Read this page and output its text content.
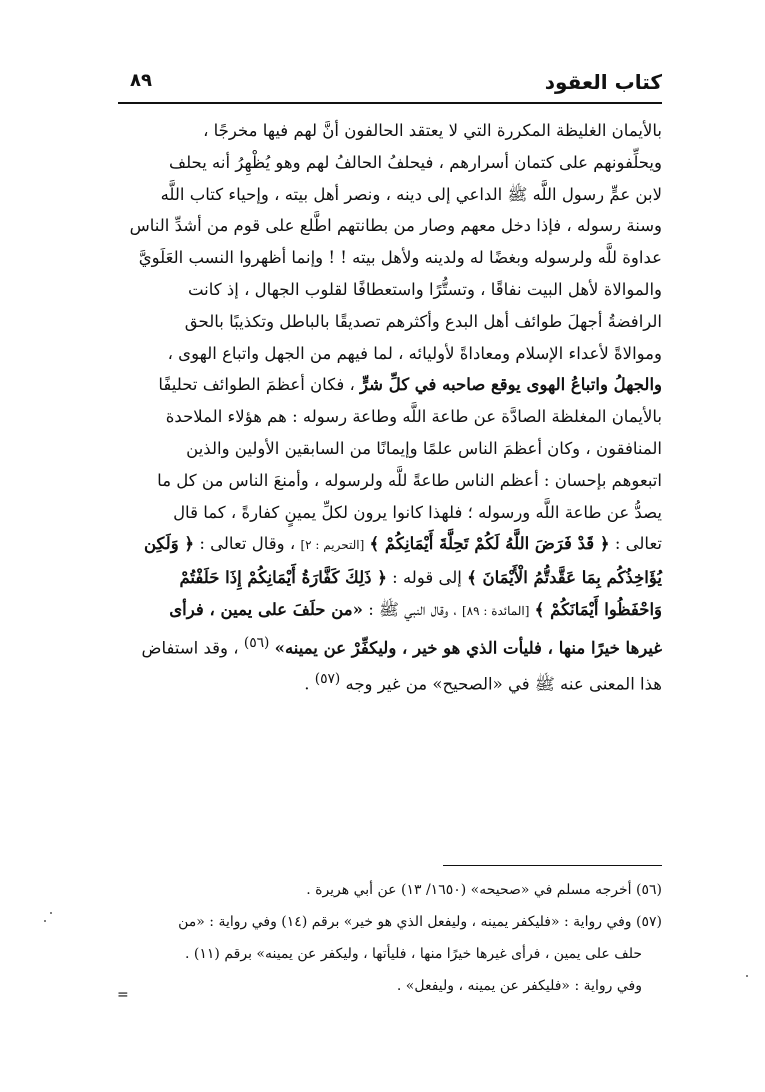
كتاب العقود
٨٩

بالأيمان الغليظة المكررة التي لا يعتقد الحالفون أنَّ لهم فيها مخرجًا ،

ويحلِّفونهم على كتمان أسرارهم ، فيحلفُ الحالفُ لهم وهو يُظْهِرُ أنه يحلف

لابن عمٍّ رسول اللَّه ﷺ الداعي إلى دينه ، ونصر أهل بيته ، وإحياء كتاب اللَّه

وسنة رسوله ، فإذا دخل معهم وصار من بطانتهم اطَّلع على قوم من أشدِّ الناس

عداوة للَّه ولرسوله وبغضًا له ولدينه ولأهل بيته ! ! وإنما أظهروا النسب العَلَويَّ

والموالاة لأهل البيت نفاقًا ، وتستُّرًا واستعطافًا لقلوب الجهال ، إذ كانت

الرافضةُ أجهلَ طوائف أهل البدع وأكثرهم تصديقًا بالباطل وتكذيبًا بالحق

وموالاةً لأعداء الإسلام ومعاداةً لأوليائه ، لما فيهم من الجهل واتباع الهوى ،

والجهلُ واتباعُ الهوى يوقع صاحبه في كلِّ شرٍّ ، فكان أعظمَ الطوائف تحليفًا

بالأيمان المغلظة الصادَّة عن طاعة اللَّه وطاعة رسوله : هم هؤلاء الملاحدة

المنافقون ، وكان أعظمَ الناس علمًا وإيمانًا من السابقين الأولين والذين

اتبعوهم بإحسان : أعظم الناس طاعةً للَّه ولرسوله ، وأمنعَ الناس من كل ما

يصدُّ عن طاعة اللَّه ورسوله ؛ فلهذا كانوا يرون لكلِّ يمينٍ كفارةً ، كما قال

تعالى : ﴿ قَدْ فَرَضَ اللَّهُ لَكُمْ تَحِلَّةَ أَيْمَانِكُمْ ﴾ [التحريم : ٢] ، وقال تعالى : ﴿ وَلَكِن

يُؤَاخِذُكُم بِمَا عَقَّدتُّمُ الْأَيْمَانَ ﴾ إلى قوله : ﴿ ذَلِكَ كَفَّارَةُ أَيْمَانِكُمْ إِذَا حَلَفْتُمْ

وَاحْفَظُوا أَيْمَانَكُمْ ﴾ [المائدة : ٨٩] ، وقال النبي ﷺ : «من حلَفَ على يمين ، فرأى

غيرها خيرًا منها ، فليأت الذي هو خير ، وليكفِّرْ عن يمينه» $^{(٥٦)}$ ، وقد استفاض

هذا المعنى عنه ﷺ في «الصحيح» من غير وجه $^{(٥٧)}$ .

(٥٦) أخرجه مسلم في «صحيحه» (١٦٥٠/ ١٣) عن أبي هريرة .

(٥٧) وفي رواية : «فليكفر يمينه ، وليفعل الذي هو خير» برقم (١٤) وفي رواية : «من

حلف على يمين ، فرأى غيرها خيرًا منها ، فليأتها ، وليكفر عن يمينه» برقم (١١) .

وفي رواية : «فليكفر عن يمينه ، وليفعل» .

=
